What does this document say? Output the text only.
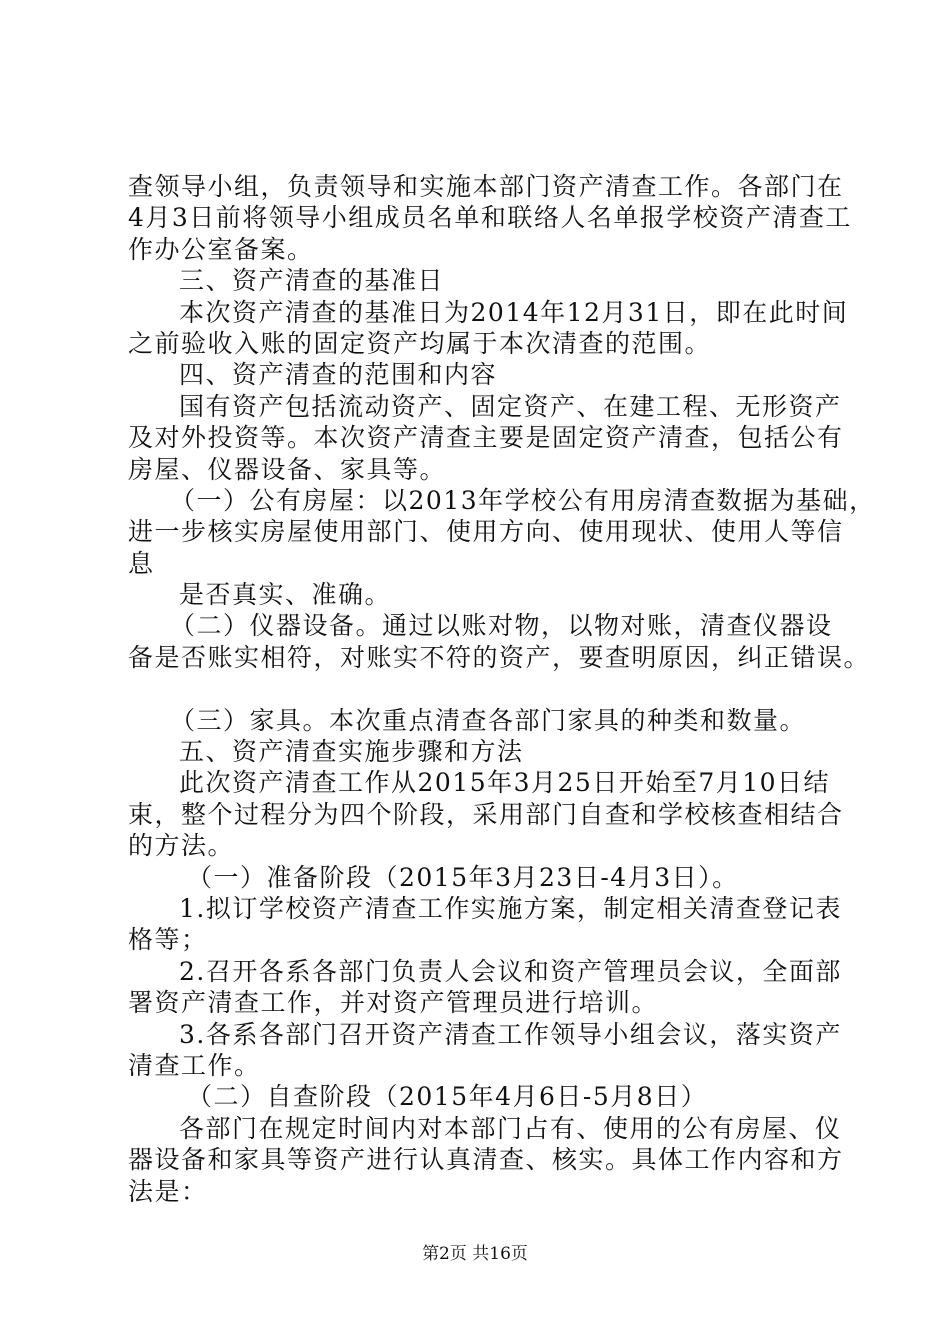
查领导小组，负责领导和实施本部门资产清查工作。各部门在
4月3日前将领导小组成员名单和联络人名单报学校资产清查工
作办公室备案。
三、资产清查的基准日
本次资产清查的基准日为2014年12月31日，即在此时间
之前验收入账的固定资产均属于本次清查的范围。
四、资产清查的范围和内容
国有资产包括流动资产、固定资产、在建工程、无形资产
及对外投资等。本次资产清查主要是固定资产清查，包括公有
房屋、仪器设备、家具等。
（一）公有房屋：以2013年学校公有用房清查数据为基础，
进一步核实房屋使用部门、使用方向、使用现状、使用人等信
息
是否真实、准确。
（二）仪器设备。通过以账对物，以物对账，清查仪器设
备是否账实相符，对账实不符的资产，要查明原因，纠正错误。
（三）家具。本次重点清查各部门家具的种类和数量。
五、资产清查实施步骤和方法
此次资产清查工作从2015年3月25日开始至7月10日结
束，整个过程分为四个阶段，采用部门自查和学校核查相结合
的方法。
（一）准备阶段（2015年3月23日-4月3日）。
1.拟订学校资产清查工作实施方案，制定相关清查登记表
格等；
2.召开各系各部门负责人会议和资产管理员会议，全面部
署资产清查工作，并对资产管理员进行培训。
3.各系各部门召开资产清查工作领导小组会议，落实资产
清查工作。
（二）自查阶段（2015年4月6日-5月8日）
各部门在规定时间内对本部门占有、使用的公有房屋、仪
器设备和家具等资产进行认真清查、核实。具体工作内容和方
法是：
第2页 共16页
